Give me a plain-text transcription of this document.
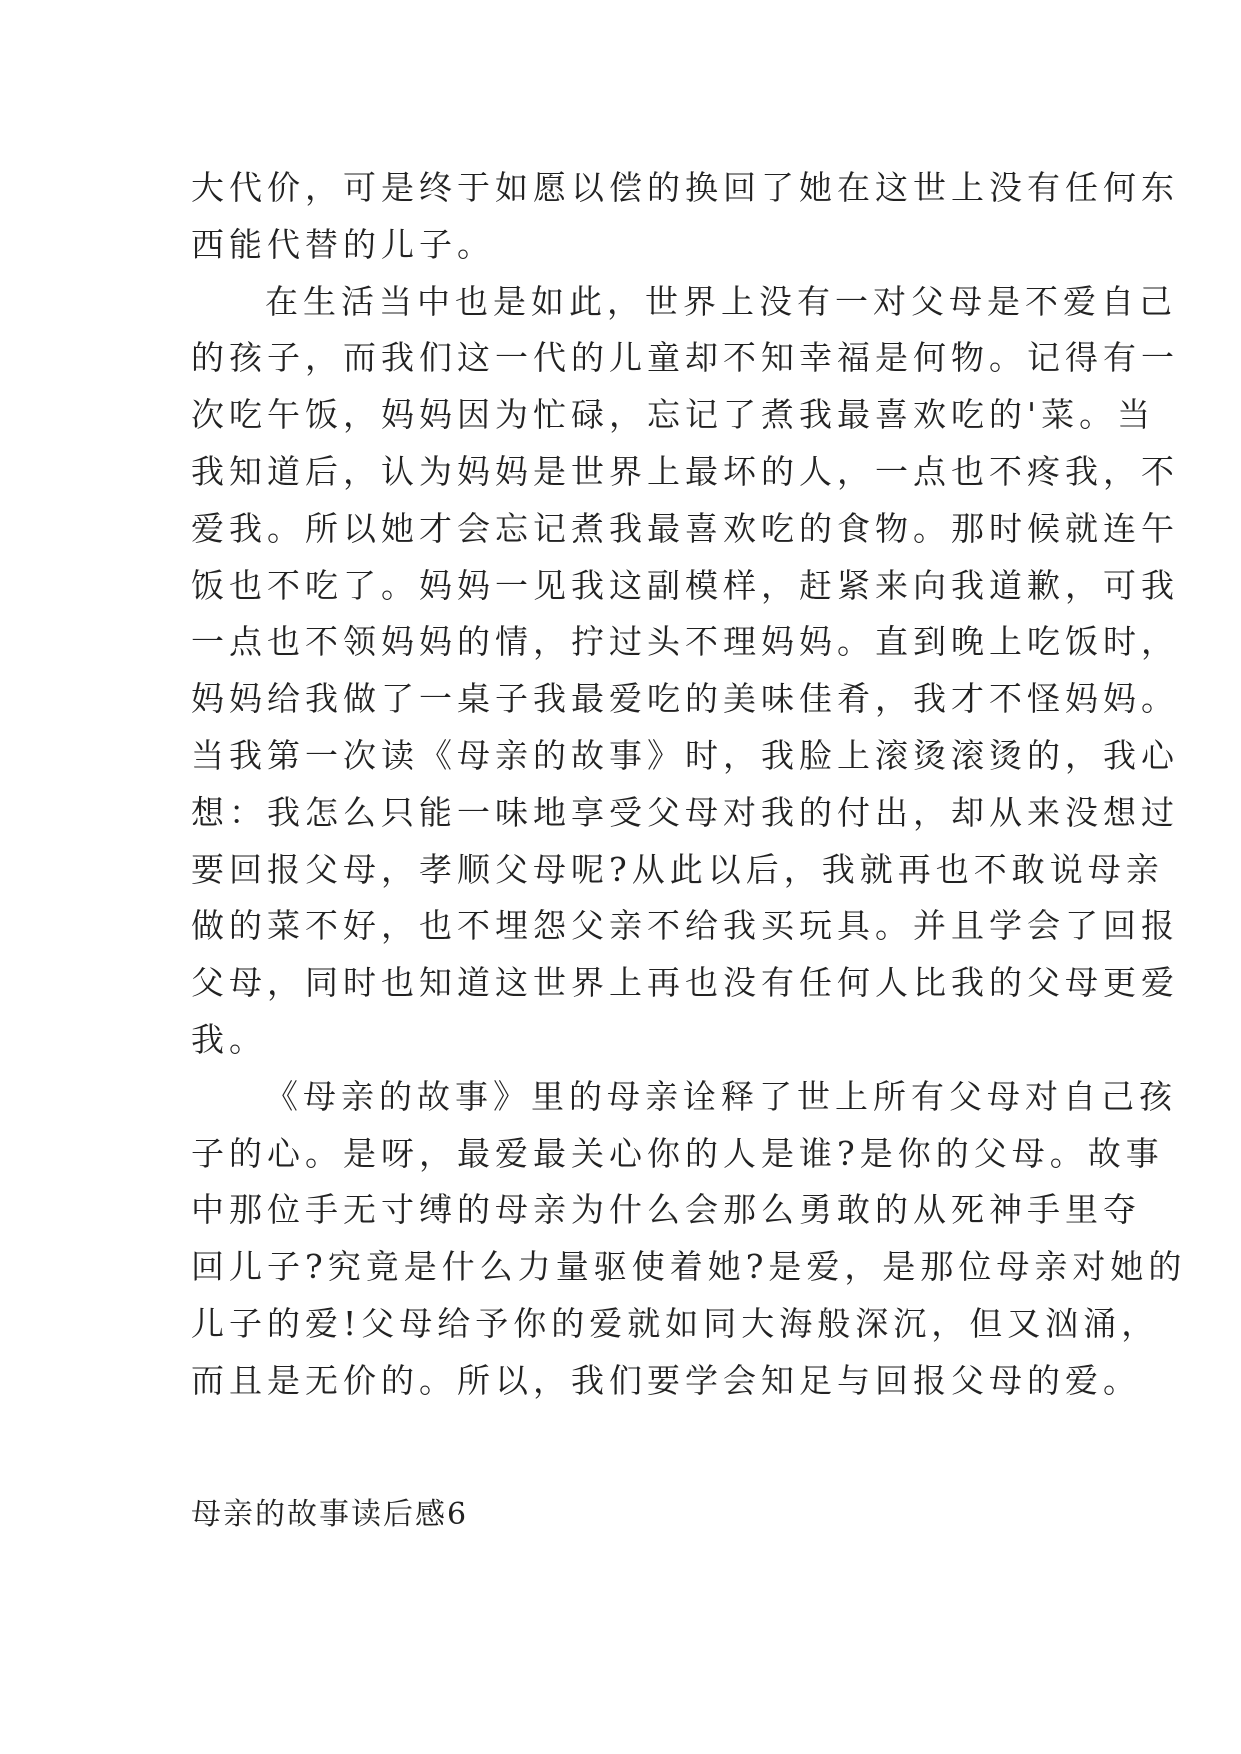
大代价，可是终于如愿以偿的换回了她在这世上没有任何东
西能代替的儿子。
在生活当中也是如此，世界上没有一对父母是不爱自己
的孩子，而我们这一代的儿童却不知幸福是何物。记得有一
次吃午饭，妈妈因为忙碌，忘记了煮我最喜欢吃的'菜。当
我知道后，认为妈妈是世界上最坏的人，一点也不疼我，不
爱我。所以她才会忘记煮我最喜欢吃的食物。那时候就连午
饭也不吃了。妈妈一见我这副模样，赶紧来向我道歉，可我
一点也不领妈妈的情，拧过头不理妈妈。直到晚上吃饭时，
妈妈给我做了一桌子我最爱吃的美味佳肴，我才不怪妈妈。
当我第一次读《母亲的故事》时，我脸上滚烫滚烫的，我心
想：我怎么只能一味地享受父母对我的付出，却从来没想过
要回报父母，孝顺父母呢?从此以后，我就再也不敢说母亲
做的菜不好，也不埋怨父亲不给我买玩具。并且学会了回报
父母，同时也知道这世界上再也没有任何人比我的父母更爱
我。
《母亲的故事》里的母亲诠释了世上所有父母对自己孩
子的心。是呀，最爱最关心你的人是谁?是你的父母。故事
中那位手无寸缚的母亲为什么会那么勇敢的从死神手里夺
回儿子?究竟是什么力量驱使着她?是爱，是那位母亲对她的
儿子的爱!父母给予你的爱就如同大海般深沉，但又汹涌，
而且是无价的。所以，我们要学会知足与回报父母的爱。
母亲的故事读后感6
